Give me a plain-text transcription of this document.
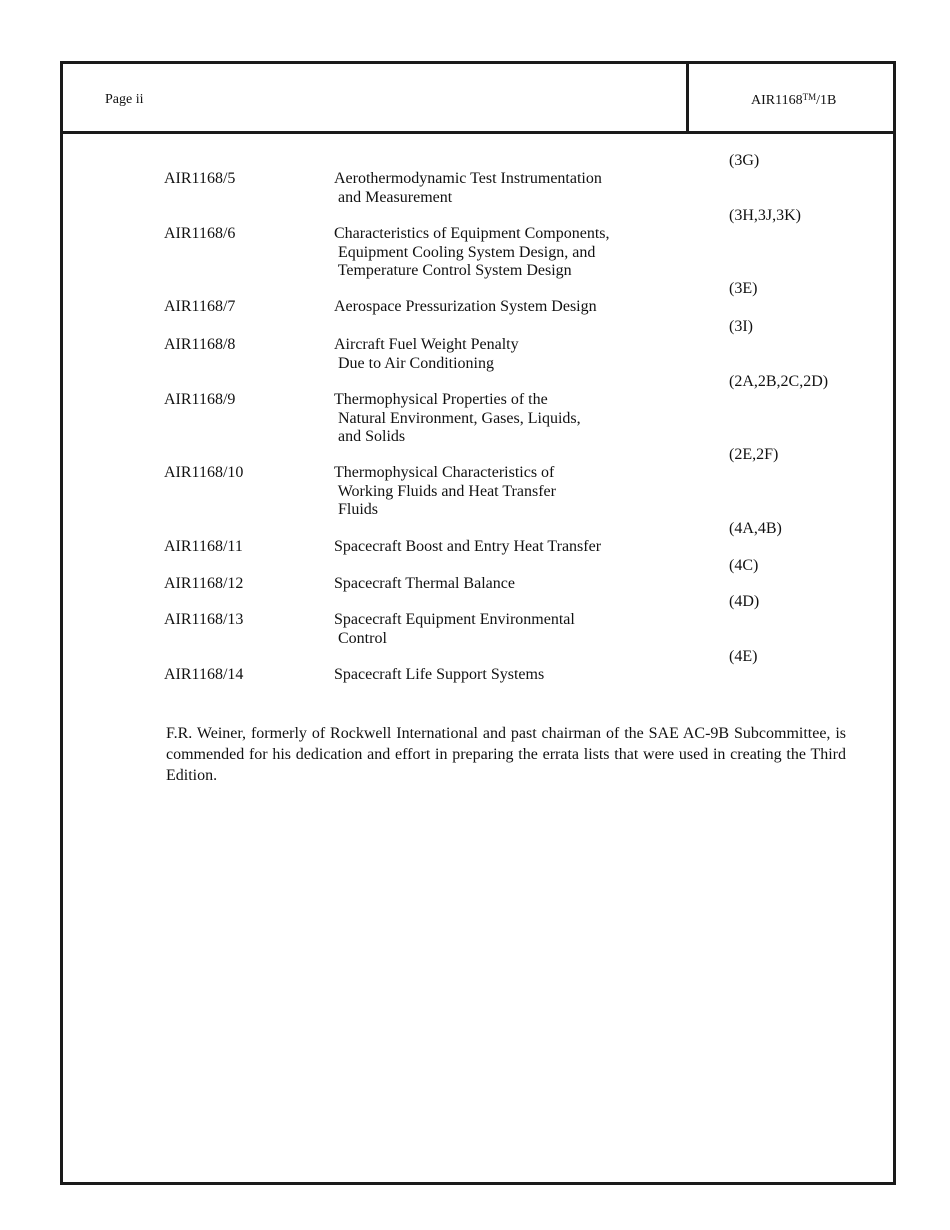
Page ii	AIR1168™/1B
AIR1168/5	Aerothermodynamic Test Instrumentation
and Measurement
(3G)
AIR1168/6	Characteristics of Equipment Components,
Equipment Cooling System Design, and
Temperature Control System Design
(3H,3J,3K)
AIR1168/7	Aerospace Pressurization System Design
(3E)
AIR1168/8	Aircraft Fuel Weight Penalty
Due to Air Conditioning
(3I)
AIR1168/9	Thermophysical Properties of the
Natural Environment, Gases, Liquids,
and Solids
(2A,2B,2C,2D)
AIR1168/10	Thermophysical Characteristics of
Working Fluids and Heat Transfer
Fluids
(2E,2F)
AIR1168/11	Spacecraft Boost and Entry Heat Transfer
(4A,4B)
AIR1168/12	Spacecraft Thermal Balance
(4C)
AIR1168/13	Spacecraft Equipment Environmental
Control
(4D)
AIR1168/14	Spacecraft Life Support Systems
(4E)

F.R. Weiner, formerly of Rockwell International and past chairman of the SAE AC-9B Subcommittee, is commended for his dedication and effort in preparing the errata lists that were used in creating the Third Edition.
